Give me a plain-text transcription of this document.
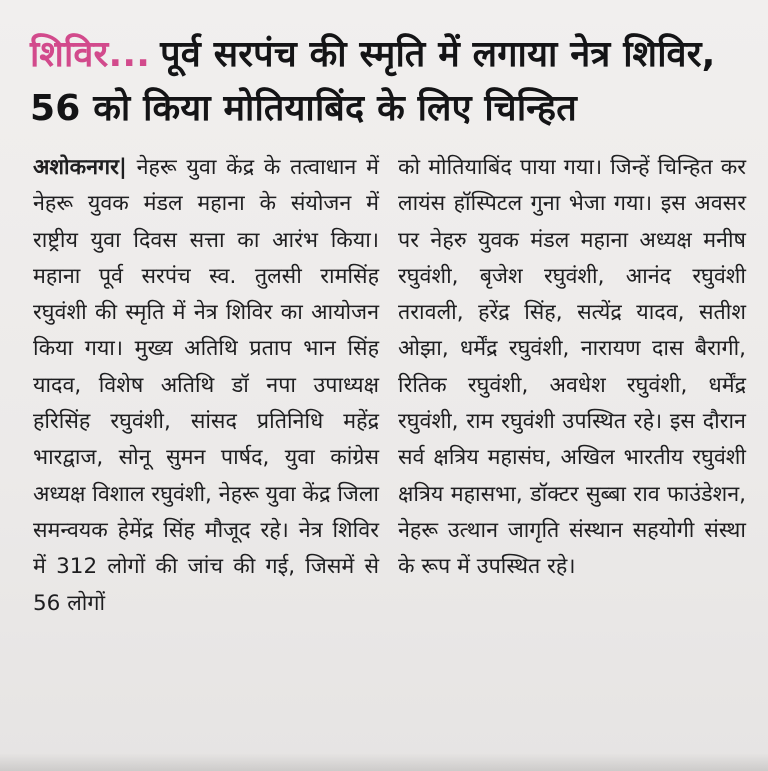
शिविर... पूर्व सरपंच की स्मृति में लगाया नेत्र शिविर, 56 को किया मोतियाबिंद के लिए चिन्हित
अशोकनगर| नेहरू युवा केंद्र के तत्वाधान में नेहरू युवक मंडल महाना के संयोजन में राष्ट्रीय युवा दिवस सत्ता का आरंभ किया। महाना पूर्व सरपंच स्व. तुलसी रामसिंह रघुवंशी की स्मृति में नेत्र शिविर का आयोजन किया गया। मुख्य अतिथि प्रताप भान सिंह यादव, विशेष अतिथि डॉ नपा उपाध्यक्ष हरिसिंह रघुवंशी, सांसद प्रतिनिधि महेंद्र भारद्वाज, सोनू सुमन पार्षद, युवा कांग्रेस अध्यक्ष विशाल रघुवंशी, नेहरू युवा केंद्र जिला समन्वयक हेमेंद्र सिंह मौजूद रहे। नेत्र शिविर में 312 लोगों की जांच की गई, जिसमें से 56 लोगों
को मोतियाबिंद पाया गया। जिन्हें चिन्हित कर लायंस हॉस्पिटल गुना भेजा गया। इस अवसर पर नेहरु युवक मंडल महाना अध्यक्ष मनीष रघुवंशी, बृजेश रघुवंशी, आनंद रघुवंशी तरावली, हरेंद्र सिंह, सत्येंद्र यादव, सतीश ओझा, धर्मेंद्र रघुवंशी, नारायण दास बैरागी, रितिक रघुवंशी, अवधेश रघुवंशी, धर्मेंद्र रघुवंशी, राम रघुवंशी उपस्थित रहे। इस दौरान सर्व क्षत्रिय महासंघ, अखिल भारतीय रघुवंशी क्षत्रिय महासभा, डॉक्टर सुब्बा राव फाउंडेशन, नेहरू उत्थान जागृति संस्थान सहयोगी संस्था के रूप में उपस्थित रहे।
